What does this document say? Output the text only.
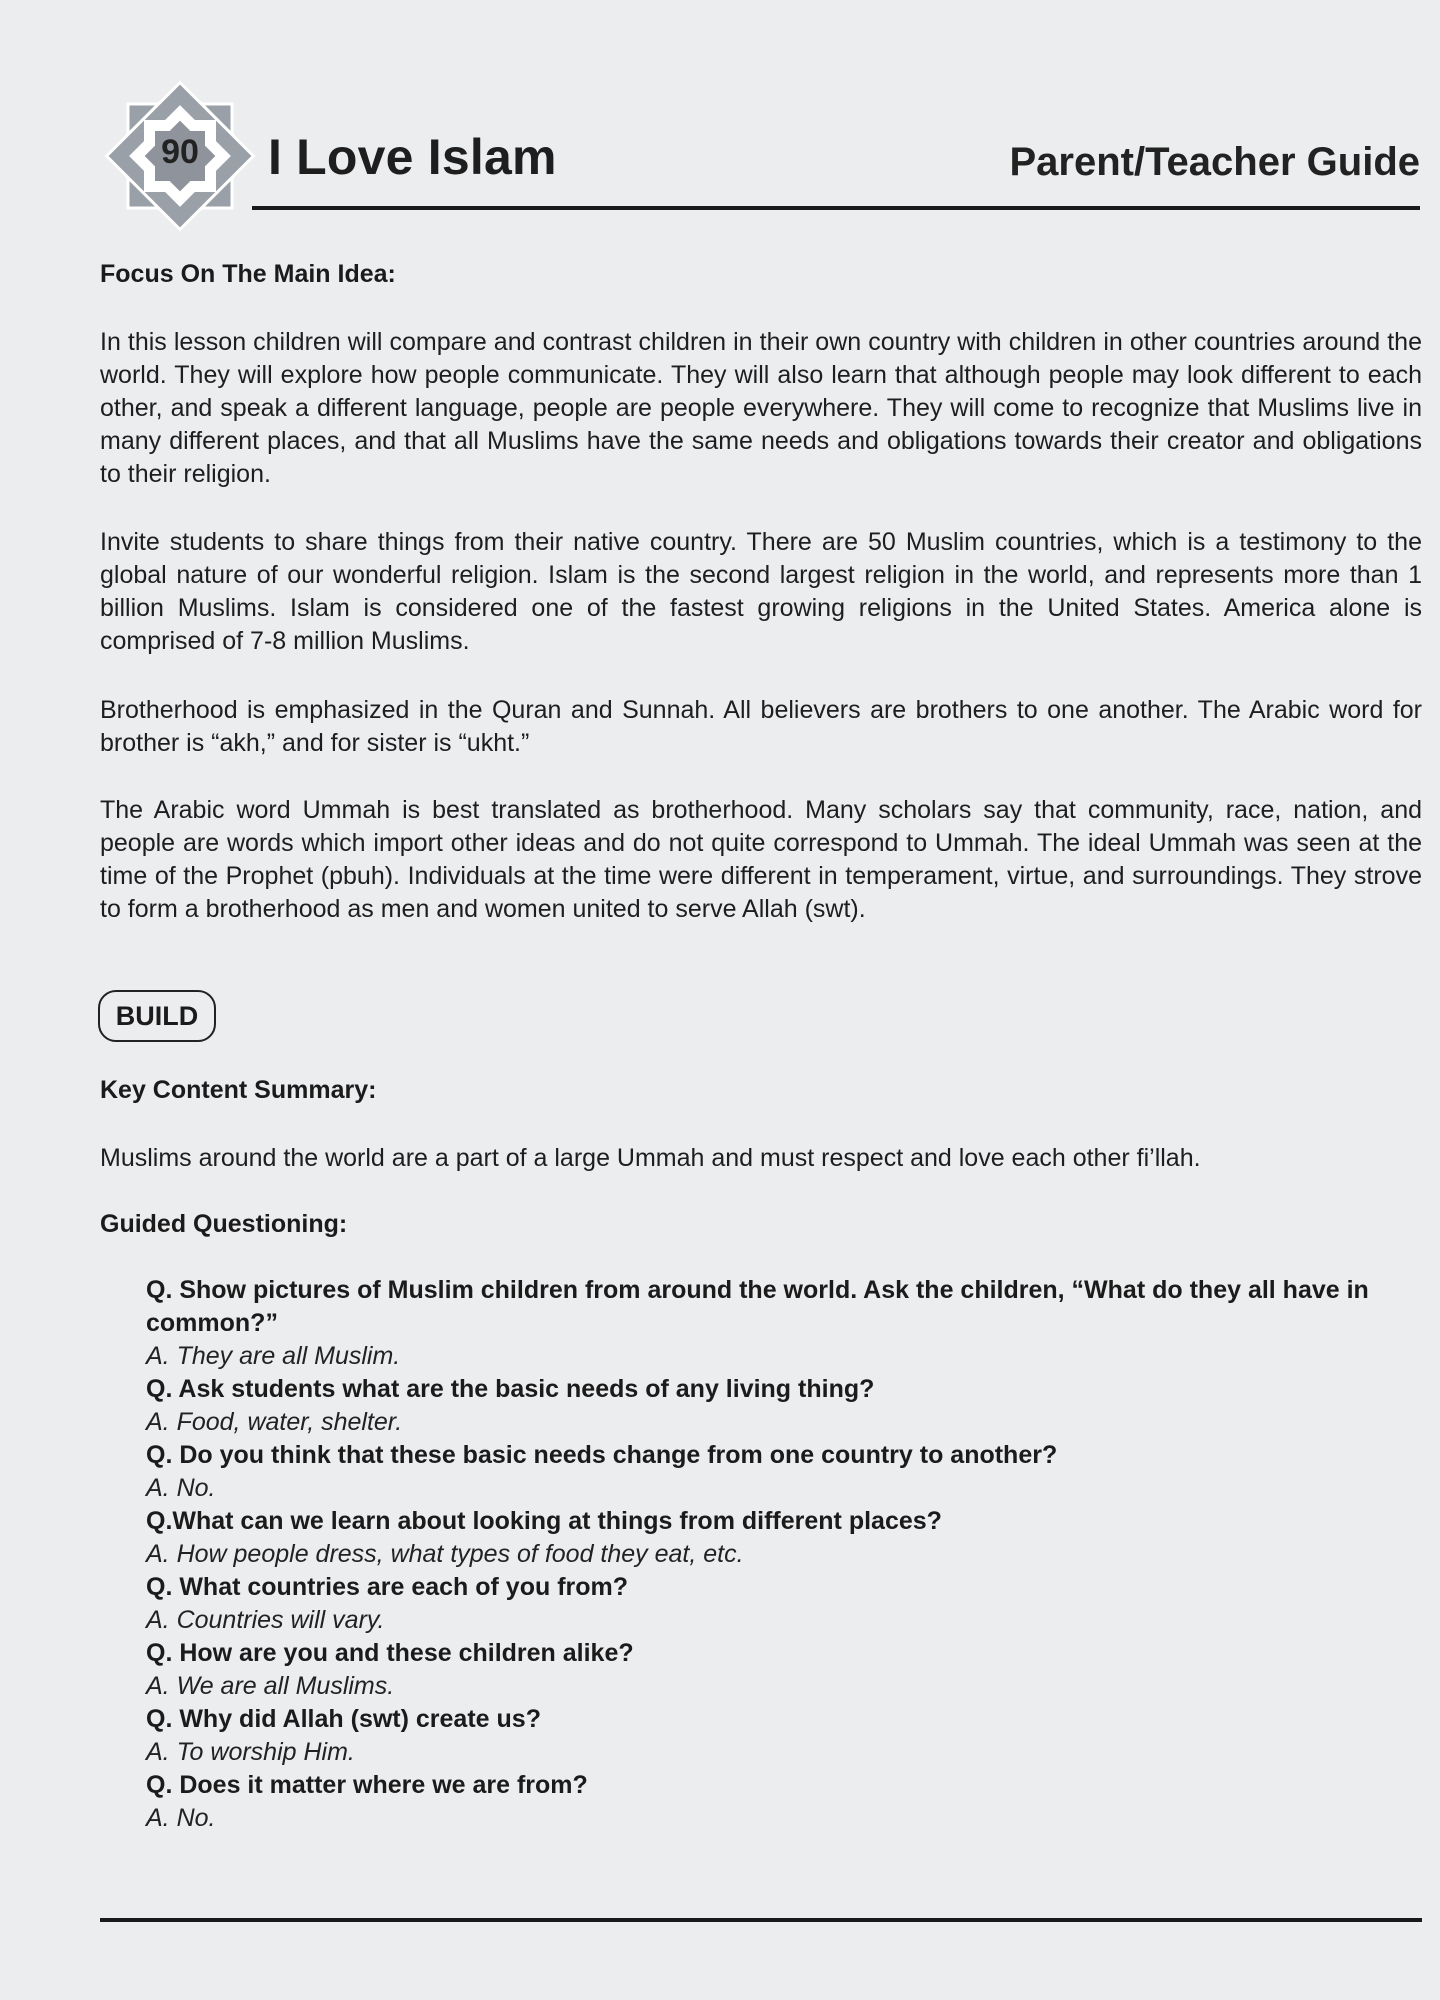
90 I Love Islam	Parent/Teacher Guide
Focus On The Main Idea:

In this lesson children will compare and contrast children in their own country with children in other countries around the world. They will explore how people communicate. They will also learn that although people may look different to each other, and speak a different language, people are people everywhere. They will come to recognize that Muslims live in many different places, and that all Muslims have the same needs and obligations towards their creator and obligations to their religion.

Invite students to share things from their native country. There are 50 Muslim countries, which is a testimony to the global nature of our wonderful religion. Islam is the second largest religion in the world, and represents more than 1 billion Muslims. Islam is considered one of the fastest growing religions in the United States. America alone is comprised of 7-8 million Muslims.

Brotherhood is emphasized in the Quran and Sunnah. All believers are brothers to one another. The Arabic word for brother is “akh,” and for sister is “ukht.”

The Arabic word Ummah is best translated as brotherhood. Many scholars say that community, race, nation, and people are words which import other ideas and do not quite correspond to Ummah. The ideal Ummah was seen at the time of the Prophet (pbuh). Individuals at the time were different in temperament, virtue, and surroundings. They strove to form a brotherhood as men and women united to serve Allah (swt).

BUILD
Key Content Summary:

Muslims around the world are a part of a large Ummah and must respect and love each other fi’llah.

Guided Questioning:
Q. Show pictures of Muslim children from around the world. Ask the children, “What do they all have in common?”
A. They are all Muslim.
Q. Ask students what are the basic needs of any living thing?
A. Food, water, shelter.
Q. Do you think that these basic needs change from one country to another?
A. No.
Q.What can we learn about looking at things from different places?
A. How people dress, what types of food they eat, etc.
Q. What countries are each of you from?
A. Countries will vary.
Q. How are you and these children alike?
A. We are all Muslims.
Q. Why did Allah (swt) create us?
A. To worship Him.
Q. Does it matter where we are from?
A. No.
